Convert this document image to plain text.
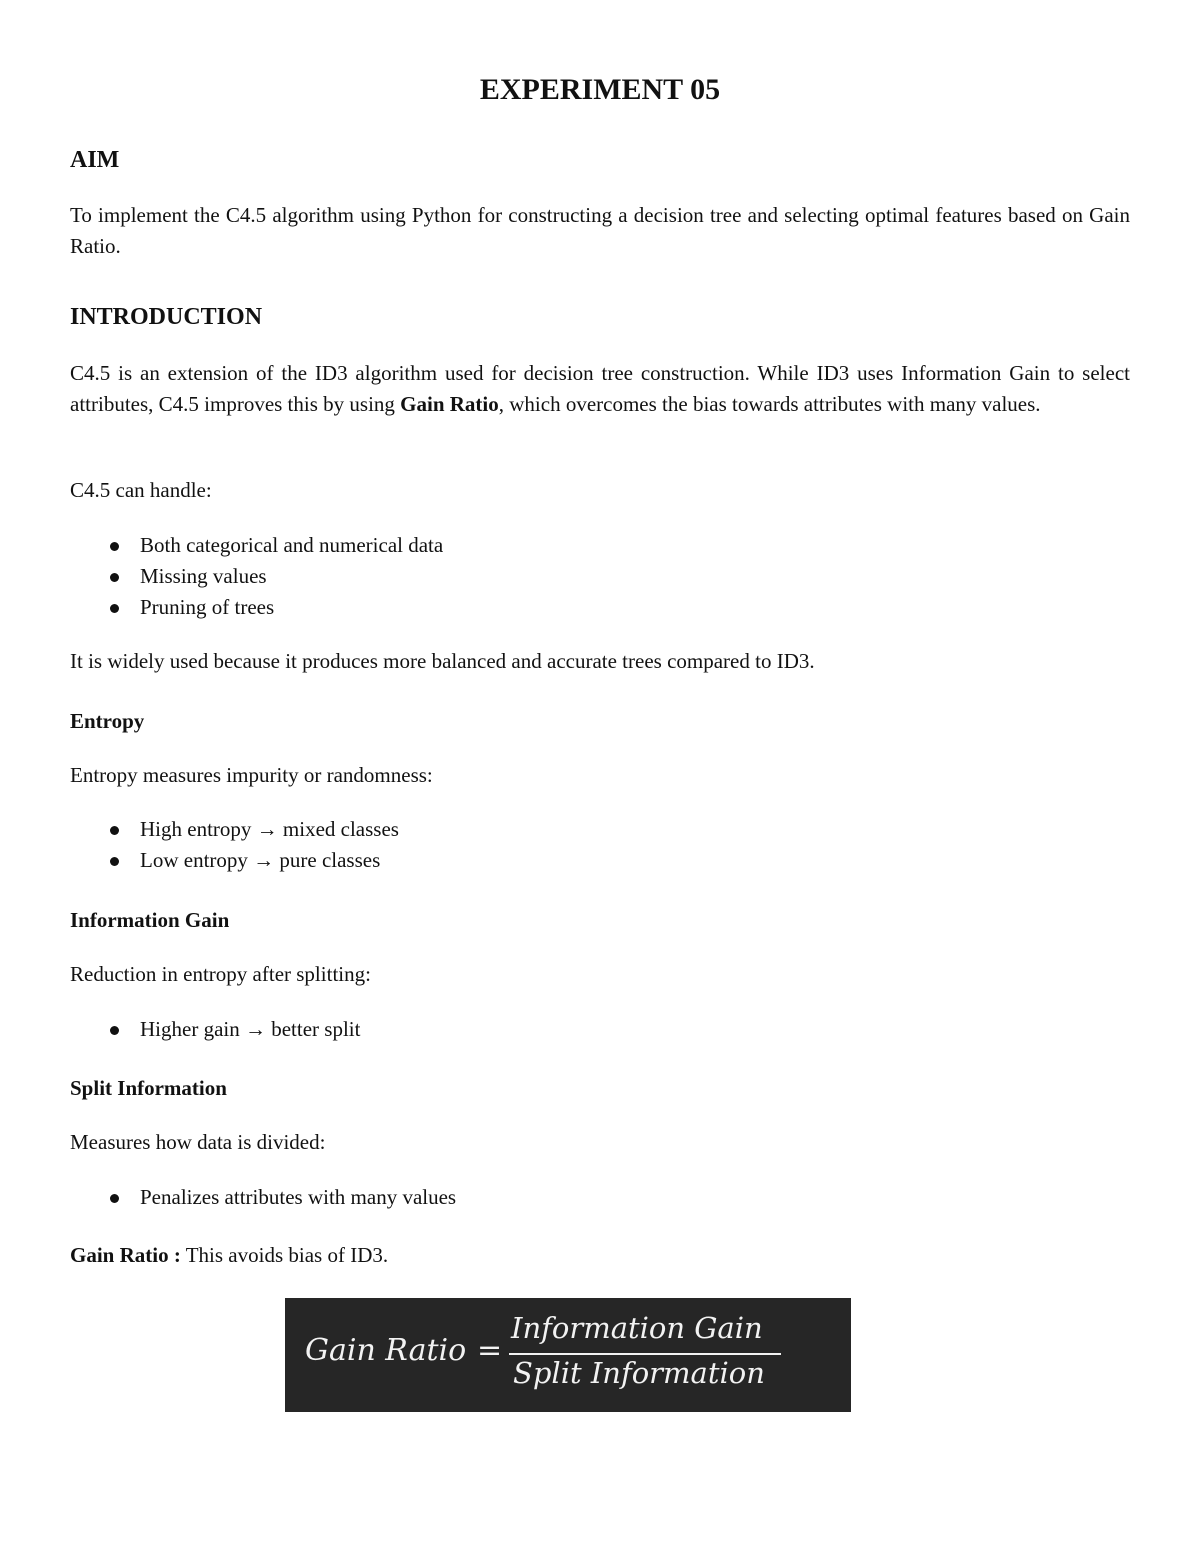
EXPERIMENT 05
AIM
To implement the C4.5 algorithm using Python for constructing a decision tree and selecting optimal features based on Gain Ratio.
INTRODUCTION
C4.5 is an extension of the ID3 algorithm used for decision tree construction. While ID3 uses Information Gain to select attributes, C4.5 improves this by using Gain Ratio, which overcomes the bias towards attributes with many values.
C4.5 can handle:
Both categorical and numerical data
Missing values
Pruning of trees
It is widely used because it produces more balanced and accurate trees compared to ID3.
Entropy
Entropy measures impurity or randomness:
High entropy → mixed classes
Low entropy → pure classes
Information Gain
Reduction in entropy after splitting:
Higher gain → better split
Split Information
Measures how data is divided:
Penalizes attributes with many values
Gain Ratio : This avoids bias of ID3.
Gain Ratio =
Information Gain
Split Information
